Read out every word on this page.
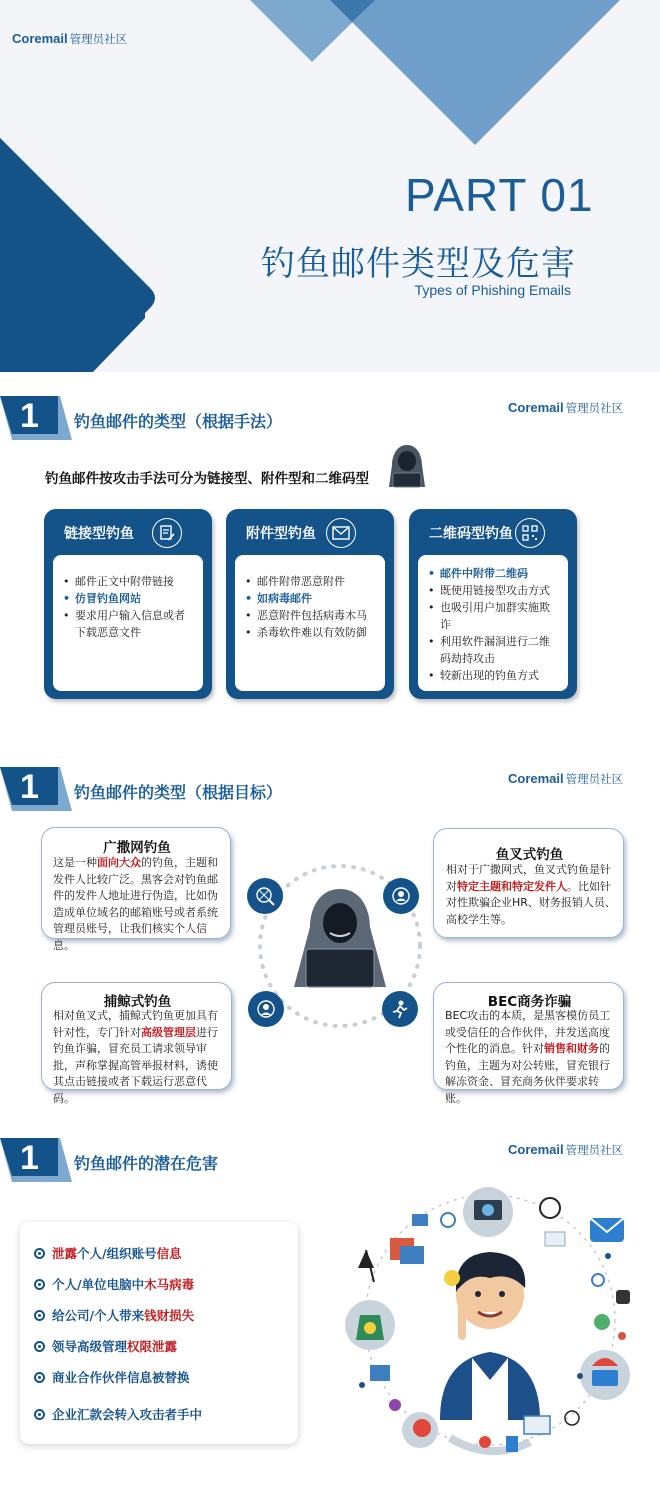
Coremail 管理员社区
PART 01
钓鱼邮件类型及危害
Types of Phishing Emails
1 钓鱼邮件的类型（根据手法）
Coremail 管理员社区
钓鱼邮件按攻击手法可分为链接型、附件型和二维码型
链接型钓鱼
• 邮件正文中附带链接
• 仿冒钓鱼网站
• 要求用户输入信息或者下载恶意文件
附件型钓鱼
• 邮件附带恶意附件
• 如病毒邮件
• 恶意附件包括病毒木马
• 杀毒软件难以有效防御
二维码型钓鱼
• 邮件中附带二维码
• 既使用链接型攻击方式
• 也吸引用户加群实施欺诈
• 利用软件漏洞进行二维码劫持攻击
• 较新出现的钓鱼方式
1 钓鱼邮件的类型（根据目标）
Coremail 管理员社区
广撒网钓鱼
这是一种面向大众的钓鱼，主题和发件人比较广泛。黑客会对钓鱼邮件的发件人地址进行伪造，比如伪造成单位域名的邮箱账号或者系统管理员账号，让我们核实个人信息。
鱼叉式钓鱼
相对于广撒网式，鱼叉式钓鱼是针对特定主题和特定发件人。比如针对性欺骗企业HR、财务报销人员、高校学生等。
捕鲸式钓鱼
相对鱼叉式，捕鲸式钓鱼更加具有针对性，专门针对高级管理层进行钓鱼诈骗，冒充员工请求领导审批，声称掌握高管举报材料，诱使其点击链接或者下载运行恶意代码。
BEC商务诈骗
BEC攻击的本质，是黑客模仿员工或受信任的合作伙伴，并发送高度个性化的消息。针对销售和财务的钓鱼，主题为对公转账，冒充银行解冻资金、冒充商务伙伴要求转账。
1 钓鱼邮件的潜在危害
Coremail 管理员社区
泄露 个人/组织账号 信息
个人/单位电脑中 木马病毒
给公司/个人带来 钱财损失
领导高级管理 权限泄露
商业合作伙伴信息被替换
企业汇款会转入攻击者手中
